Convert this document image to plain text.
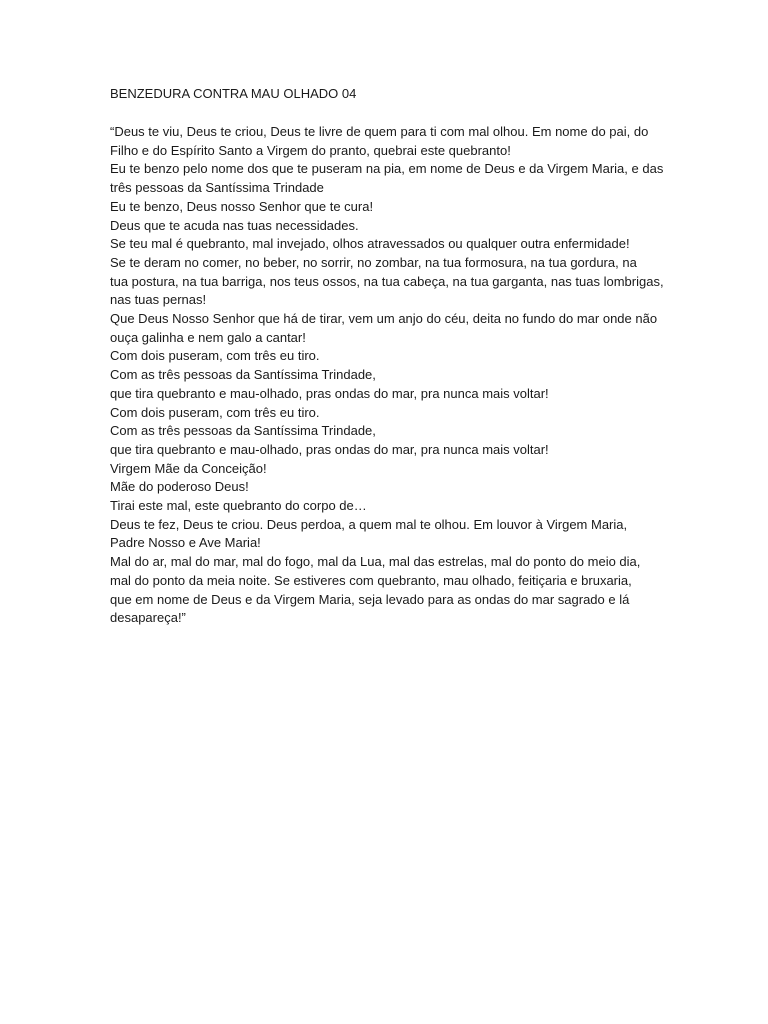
BENZEDURA CONTRA MAU OLHADO 04
“Deus te viu, Deus te criou, Deus te livre de quem para ti com mal olhou. Em nome do pai, do
Filho e do Espírito Santo a Virgem do pranto, quebrai este quebranto!
Eu te benzo pelo nome dos que te puseram na pia, em nome de Deus e da Virgem Maria, e das
três pessoas da Santíssima Trindade
Eu te benzo, Deus nosso Senhor que te cura!
Deus que te acuda nas tuas necessidades.
Se teu mal é quebranto, mal invejado, olhos atravessados ou qualquer outra enfermidade!
Se te deram no comer, no beber, no sorrir, no zombar, na tua formosura, na tua gordura, na
tua postura, na tua barriga, nos teus ossos, na tua cabeça, na tua garganta, nas tuas lombrigas,
nas tuas pernas!
Que Deus Nosso Senhor que há de tirar, vem um anjo do céu, deita no fundo do mar onde não
ouça galinha e nem galo a cantar!
Com dois puseram, com três eu tiro.
Com as três pessoas da Santíssima Trindade,
que tira quebranto e mau-olhado, pras ondas do mar, pra nunca mais voltar!
Com dois puseram, com três eu tiro.
Com as três pessoas da Santíssima Trindade,
que tira quebranto e mau-olhado, pras ondas do mar, pra nunca mais voltar!
Virgem Mãe da Conceição!
Mãe do poderoso Deus!
Tirai este mal, este quebranto do corpo de…
Deus te fez, Deus te criou. Deus perdoa, a quem mal te olhou. Em louvor à Virgem Maria,
Padre Nosso e Ave Maria!
Mal do ar, mal do mar, mal do fogo, mal da Lua, mal das estrelas, mal do ponto do meio dia,
mal do ponto da meia noite. Se estiveres com quebranto, mau olhado, feitiçaria e bruxaria,
que em nome de Deus e da Virgem Maria, seja levado para as ondas do mar sagrado e lá
desapareça!”
